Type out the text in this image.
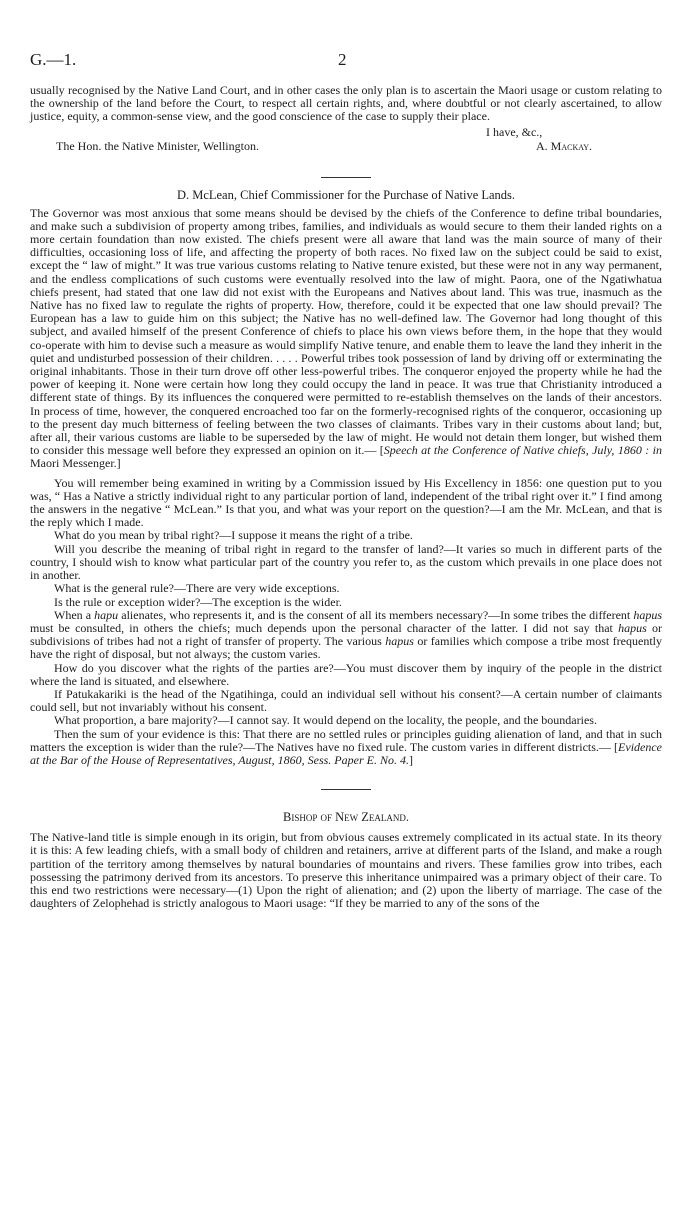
G.—1.	2

usually recognised by the Native Land Court, and in other cases the only plan is to ascertain the Maori usage or custom relating to the ownership of the land before the Court, to respect all certain rights, and, where doubtful or not clearly ascertained, to allow justice, equity, a common-sense view, and the good conscience of the case to supply their place.

I have, &c.,
The Hon. the Native Minister, Wellington.	A. Mackay.
D. McLean, Chief Commissioner for the Purchase of Native Lands.

The Governor was most anxious that some means should be devised by the chiefs of the Conference to define tribal boundaries, and make such a subdivision of property among tribes, families, and individuals as would secure to them their landed rights on a more certain foundation than now existed. The chiefs present were all aware that land was the main source of many of their difficulties, occasioning loss of life, and affecting the property of both races. No fixed law on the subject could be said to exist, except the “ law of might.” It was true various customs relating to Native tenure existed, but these were not in any way permanent, and the endless complications of such customs were eventually resolved into the law of might. Paora, one of the Ngatiwhatua chiefs present, had stated that one law did not exist with the Europeans and Natives about land. This was true, inasmuch as the Native has no fixed law to regulate the rights of property. How, therefore, could it be expected that one law should prevail? The European has a law to guide him on this subject; the Native has no well-defined law. The Governor had long thought of this subject, and availed himself of the present Conference of chiefs to place his own views before them, in the hope that they would co-operate with him to devise such a measure as would simplify Native tenure, and enable them to leave the land they inherit in the quiet and undisturbed possession of their children. . . . . Powerful tribes took possession of land by driving off or exterminating the original inhabitants. Those in their turn drove off other less-powerful tribes. The conqueror enjoyed the property while he had the power of keeping it. None were certain how long they could occupy the land in peace. It was true that Christianity introduced a different state of things. By its influences the conquered were permitted to re-establish themselves on the lands of their ancestors. In process of time, however, the conquered encroached too far on the formerly-recognised rights of the conqueror, occasioning up to the present day much bitterness of feeling between the two classes of claimants. Tribes vary in their customs about land; but, after all, their various customs are liable to be superseded by the law of might. He would not detain them longer, but wished them to consider this message well before they expressed an opinion on it.— [Speech at the Conference of Native chiefs, July, 1860 : in Maori Messenger.]

You will remember being examined in writing by a Commission issued by His Excellency in 1856: one question put to you was, “ Has a Native a strictly individual right to any particular portion of land, independent of the tribal right over it.” I find among the answers in the negative “ McLean.” Is that you, and what was your report on the question?—I am the Mr. McLean, and that is the reply which I made.

What do you mean by tribal right?—I suppose it means the right of a tribe.

Will you describe the meaning of tribal right in regard to the transfer of land?—It varies so much in different parts of the country, I should wish to know what particular part of the country you refer to, as the custom which prevails in one place does not in another.

What is the general rule?—There are very wide exceptions.

Is the rule or exception wider?—The exception is the wider.

When a hapu alienates, who represents it, and is the consent of all its members necessary?—In some tribes the different hapus must be consulted, in others the chiefs; much depends upon the personal character of the latter. I did not say that hapus or subdivisions of tribes had not a right of transfer of property. The various hapus or families which compose a tribe most frequently have the right of disposal, but not always; the custom varies.

How do you discover what the rights of the parties are?—You must discover them by inquiry of the people in the district where the land is situated, and elsewhere.

If Patukakariki is the head of the Ngatihinga, could an individual sell without his consent?—A certain number of claimants could sell, but not invariably without his consent.

What proportion, a bare majority?—I cannot say. It would depend on the locality, the people, and the boundaries.

Then the sum of your evidence is this: That there are no settled rules or principles guiding alienation of land, and that in such matters the exception is wider than the rule?—The Natives have no fixed rule. The custom varies in different districts.— [Evidence at the Bar of the House of Representatives, August, 1860, Sess. Paper E. No. 4.]

Bishop of New Zealand.

The Native-land title is simple enough in its origin, but from obvious causes extremely complicated in its actual state. In its theory it is this: A few leading chiefs, with a small body of children and retainers, arrive at different parts of the Island, and make a rough partition of the territory among themselves by natural boundaries of mountains and rivers. These families grow into tribes, each possessing the patrimony derived from its ancestors. To preserve this inheritance unimpaired was a primary object of their care. To this end two restrictions were necessary—(1) Upon the right of alienation; and (2) upon the liberty of marriage. The case of the daughters of Zelophehad is strictly analogous to Maori usage: “If they be married to any of the sons of the
